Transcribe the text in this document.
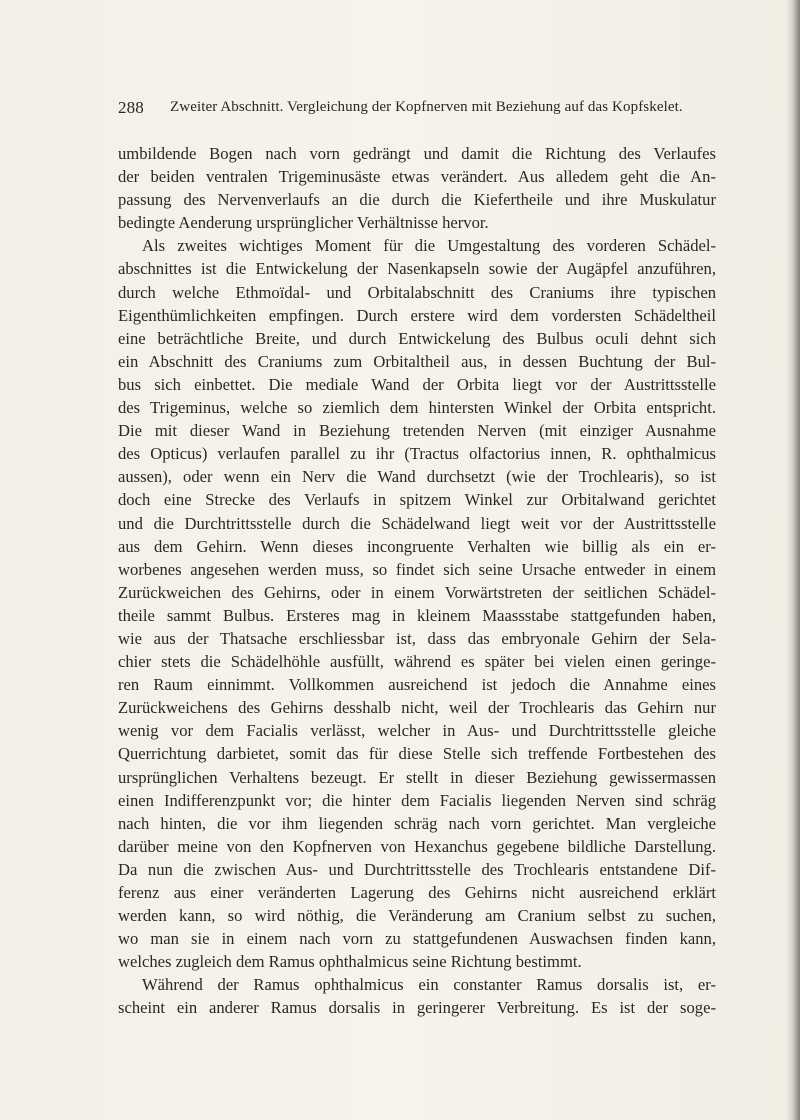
288 Zweiter Abschnitt. Vergleichung der Kopfnerven mit Beziehung auf das Kopfskelet.

umbildende Bogen nach vorn gedrängt und damit die Richtung des Verlaufes
der beiden ventralen Trigeminusäste etwas verändert. Aus alledem geht die An-
passung des Nervenverlaufs an die durch die Kiefertheile und ihre Muskulatur
bedingte Aenderung ursprünglicher Verhältnisse hervor.

Als zweites wichtiges Moment für die Umgestaltung des vorderen Schädel-
abschnittes ist die Entwickelung der Nasenkapseln sowie der Augäpfel anzuführen,
durch welche Ethmoïdal- und Orbitalabschnitt des Craniums ihre typischen
Eigenthümlichkeiten empfingen. Durch erstere wird dem vordersten Schädeltheil
eine beträchtliche Breite, und durch Entwickelung des Bulbus oculi dehnt sich
ein Abschnitt des Craniums zum Orbitaltheil aus, in dessen Buchtung der Bul-
bus sich einbettet. Die mediale Wand der Orbita liegt vor der Austrittsstelle
des Trigeminus, welche so ziemlich dem hintersten Winkel der Orbita entspricht.
Die mit dieser Wand in Beziehung tretenden Nerven (mit einziger Ausnahme
des Opticus) verlaufen parallel zu ihr (Tractus olfactorius innen, R. ophthalmicus
aussen), oder wenn ein Nerv die Wand durchsetzt (wie der Trochlearis), so ist
doch eine Strecke des Verlaufs in spitzem Winkel zur Orbitalwand gerichtet
und die Durchtrittsstelle durch die Schädelwand liegt weit vor der Austrittsstelle
aus dem Gehirn. Wenn dieses incongruente Verhalten wie billig als ein er-
worbenes angesehen werden muss, so findet sich seine Ursache entweder in einem
Zurückweichen des Gehirns, oder in einem Vorwärtstreten der seitlichen Schädel-
theile sammt Bulbus. Ersteres mag in kleinem Maassstabe stattgefunden haben,
wie aus der Thatsache erschliessbar ist, dass das embryonale Gehirn der Sela-
chier stets die Schädelhöhle ausfüllt, während es später bei vielen einen geringe-
ren Raum einnimmt. Vollkommen ausreichend ist jedoch die Annahme eines
Zurückweichens des Gehirns desshalb nicht, weil der Trochlearis das Gehirn nur
wenig vor dem Facialis verlässt, welcher in Aus- und Durchtrittsstelle gleiche
Querrichtung darbietet, somit das für diese Stelle sich treffende Fortbestehen des
ursprünglichen Verhaltens bezeugt. Er stellt in dieser Beziehung gewissermassen
einen Indifferenzpunkt vor; die hinter dem Facialis liegenden Nerven sind schräg
nach hinten, die vor ihm liegenden schräg nach vorn gerichtet. Man vergleiche
darüber meine von den Kopfnerven von Hexanchus gegebene bildliche Darstellung.
Da nun die zwischen Aus- und Durchtrittsstelle des Trochlearis entstandene Dif-
ferenz aus einer veränderten Lagerung des Gehirns nicht ausreichend erklärt
werden kann, so wird nöthig, die Veränderung am Cranium selbst zu suchen,
wo man sie in einem nach vorn zu stattgefundenen Auswachsen finden kann,
welches zugleich dem Ramus ophthalmicus seine Richtung bestimmt.

Während der Ramus ophthalmicus ein constanter Ramus dorsalis ist, er-
scheint ein anderer Ramus dorsalis in geringerer Verbreitung. Es ist der soge-
